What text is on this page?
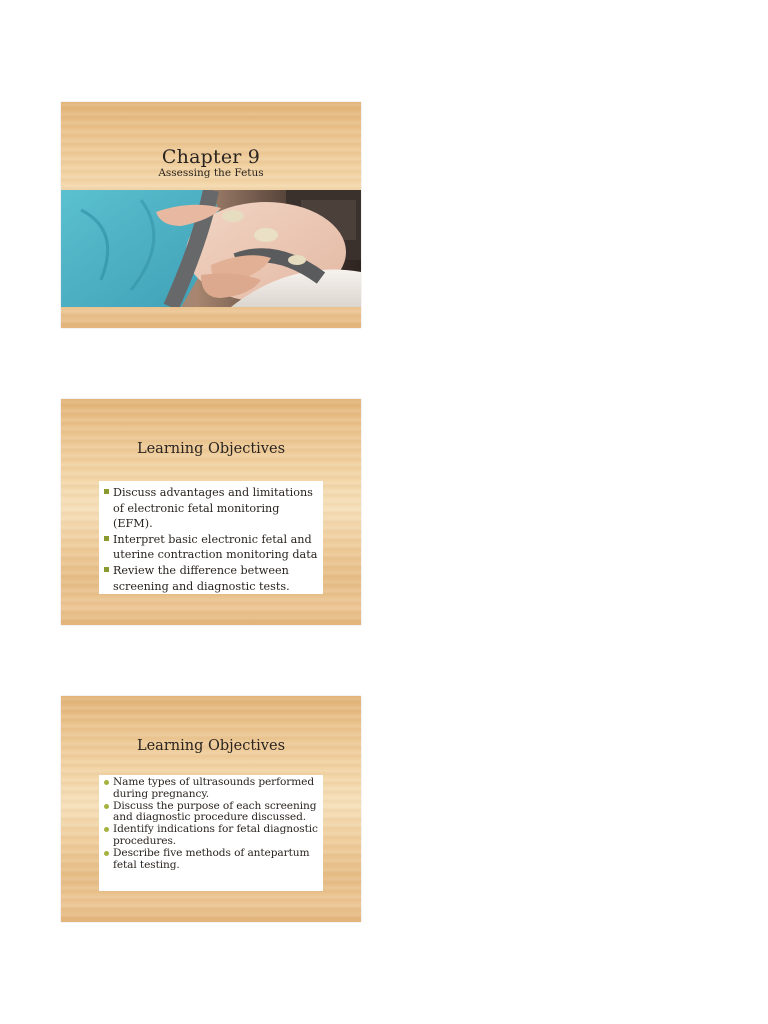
Chapter 9
Assessing the Fetus
Learning Objectives
Discuss advantages and limitations of electronic fetal monitoring (EFM).
Interpret basic electronic fetal and uterine contraction monitoring data
Review the difference between screening and diagnostic tests.
Learning Objectives
Name types of ultrasounds performed during pregnancy.
Discuss the purpose of each screening and diagnostic procedure discussed.
Identify indications for fetal diagnostic procedures.
Describe five methods of antepartum fetal testing.
